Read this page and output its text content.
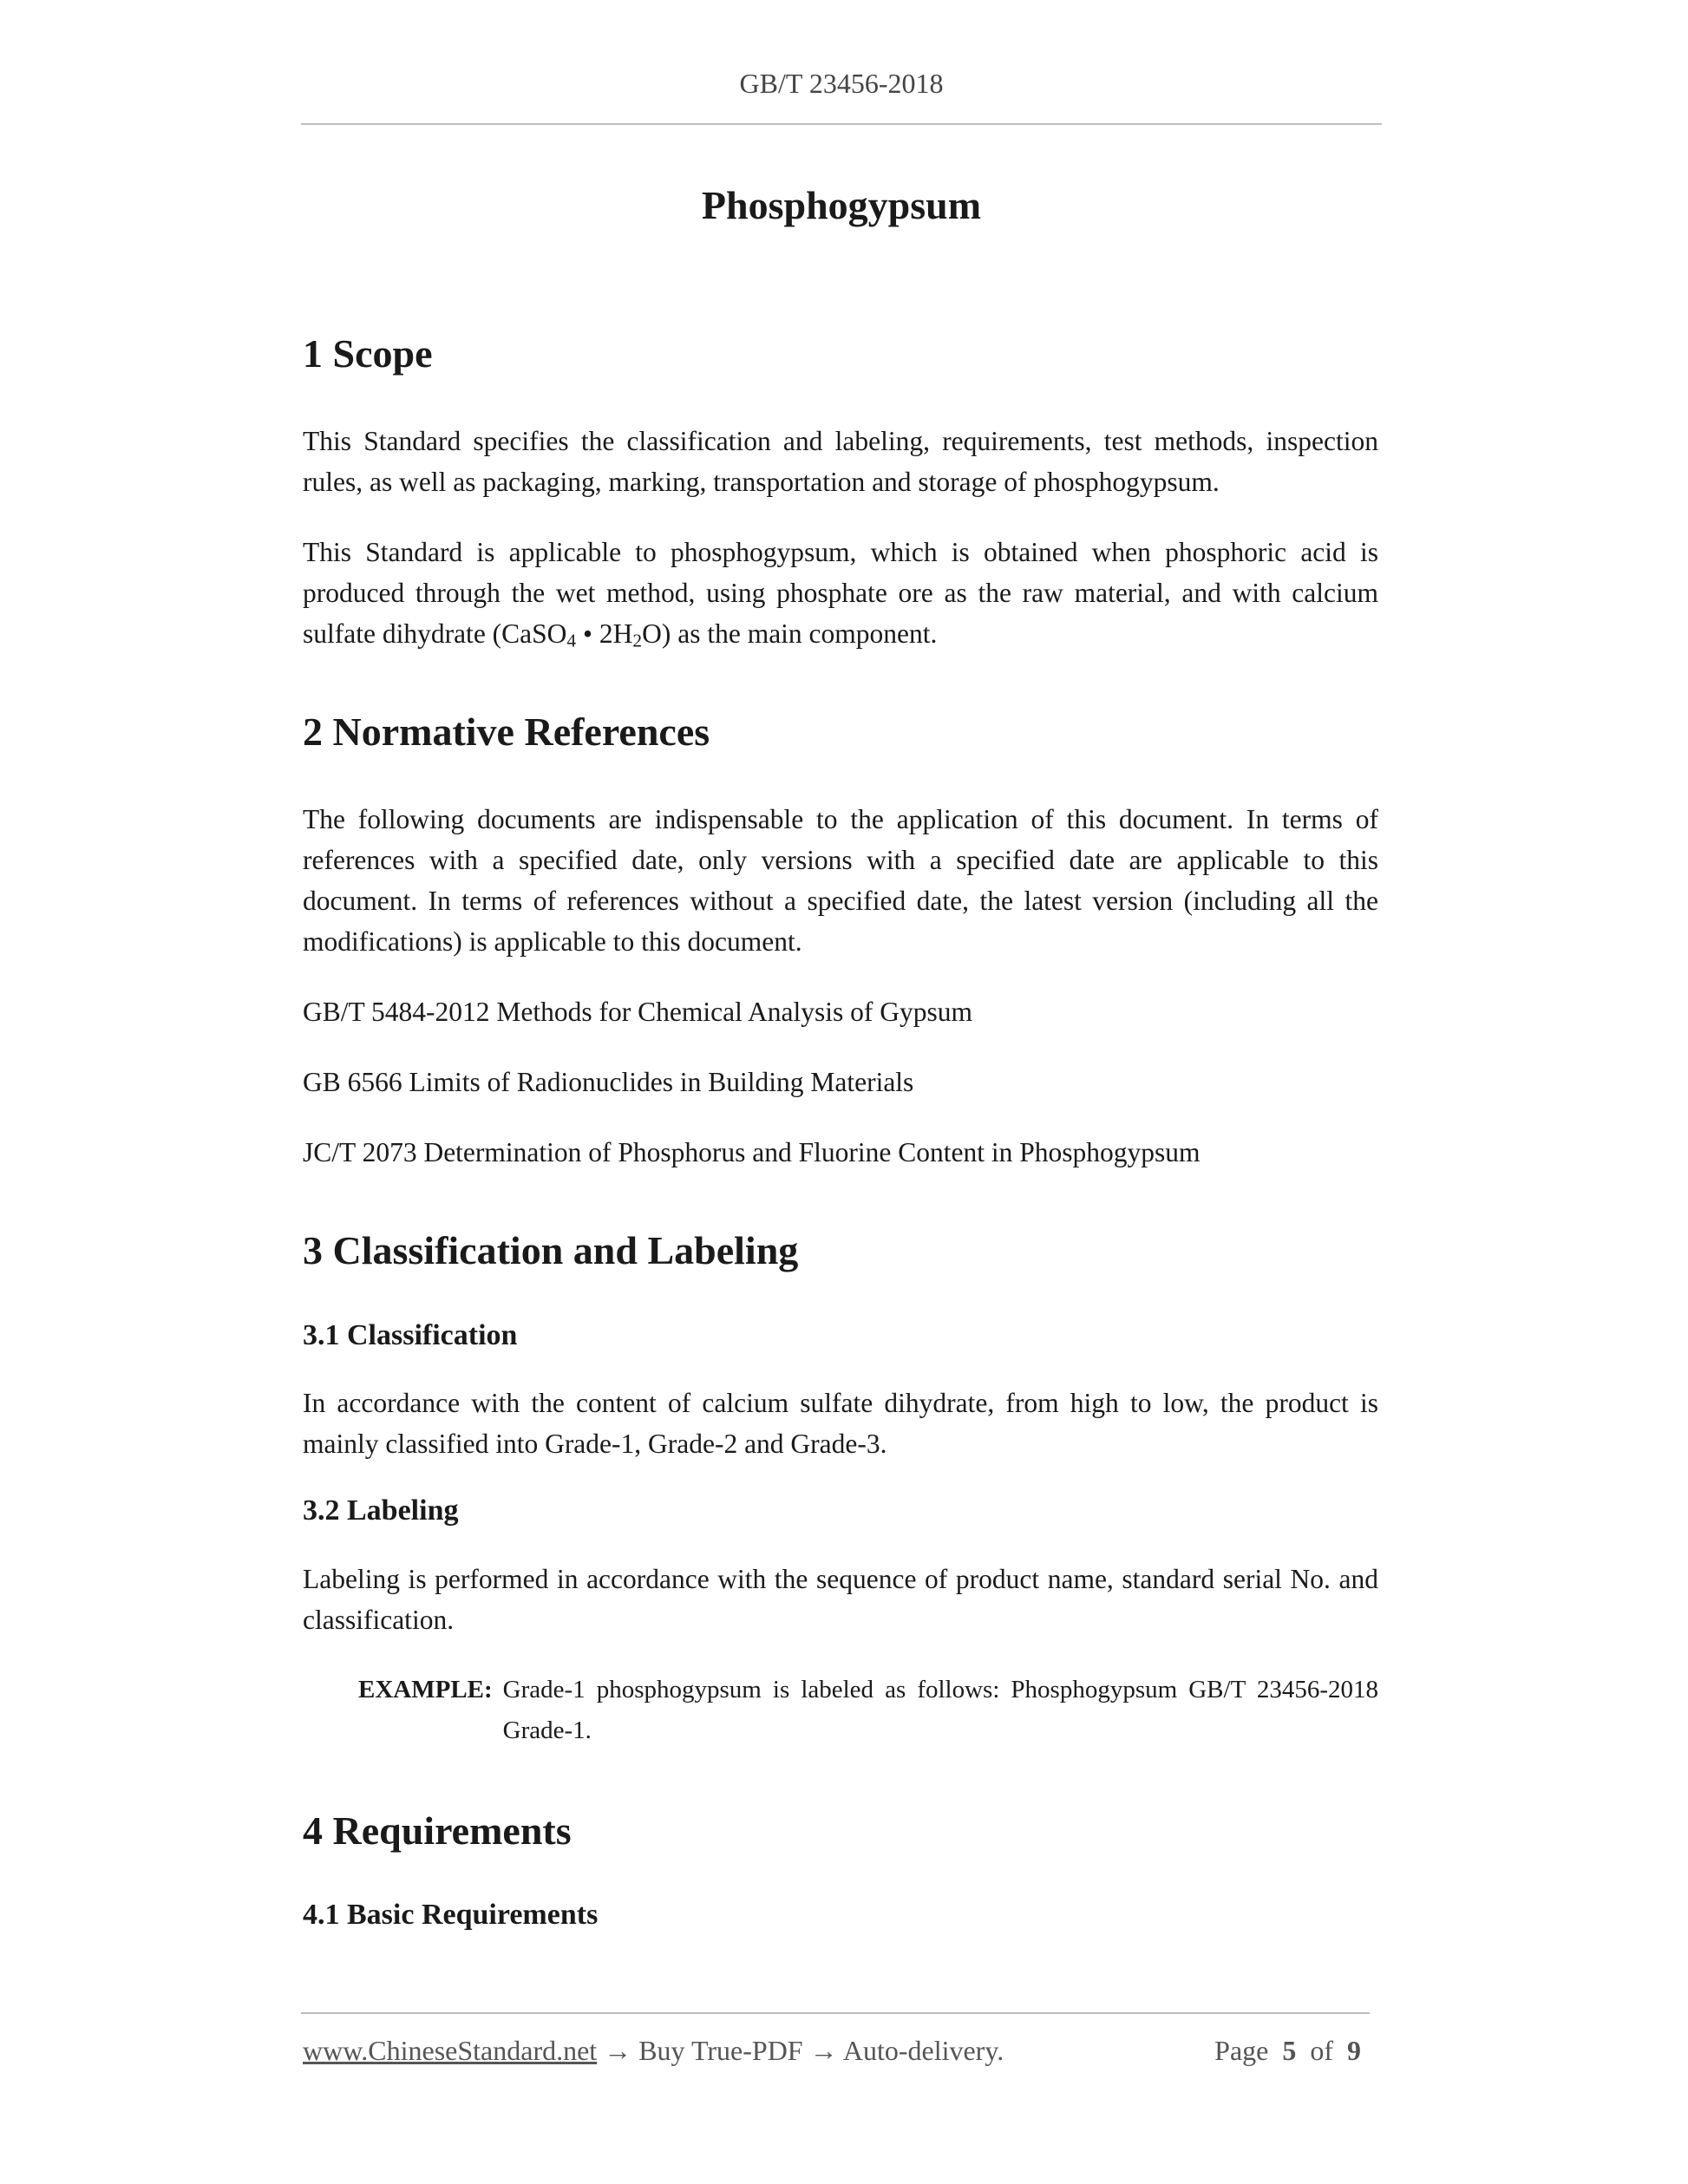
GB/T 23456-2018
Phosphogypsum
1 Scope

This Standard specifies the classification and labeling, requirements, test methods, inspection rules, as well as packaging, marking, transportation and storage of phosphogypsum.

This Standard is applicable to phosphogypsum, which is obtained when phosphoric acid is produced through the wet method, using phosphate ore as the raw material, and with calcium sulfate dihydrate (CaSO$_4$ • $2H_2O$) as the main component.

2 Normative References

The following documents are indispensable to the application of this document. In terms of references with a specified date, only versions with a specified date are applicable to this document. In terms of references without a specified date, the latest version (including all the modifications) is applicable to this document.

GB/T 5484-2012 Methods for Chemical Analysis of Gypsum

GB 6566 Limits of Radionuclides in Building Materials

JC/T 2073 Determination of Phosphorus and Fluorine Content in Phosphogypsum

3 Classification and Labeling
3.1 Classification

In accordance with the content of calcium sulfate dihydrate, from high to low, the product is mainly classified into Grade-1, Grade-2 and Grade-3.

3.2 Labeling

Labeling is performed in accordance with the sequence of product name, standard serial No. and classification.

EXAMPLE: Grade-1 phosphogypsum is labeled as follows: Phosphogypsum GB/T 23456-2018 Grade-1.
4 Requirements
4.1 Basic Requirements
www.ChineseStandard.net → Buy True-PDF → Auto-delivery.	Page 5 of 9
